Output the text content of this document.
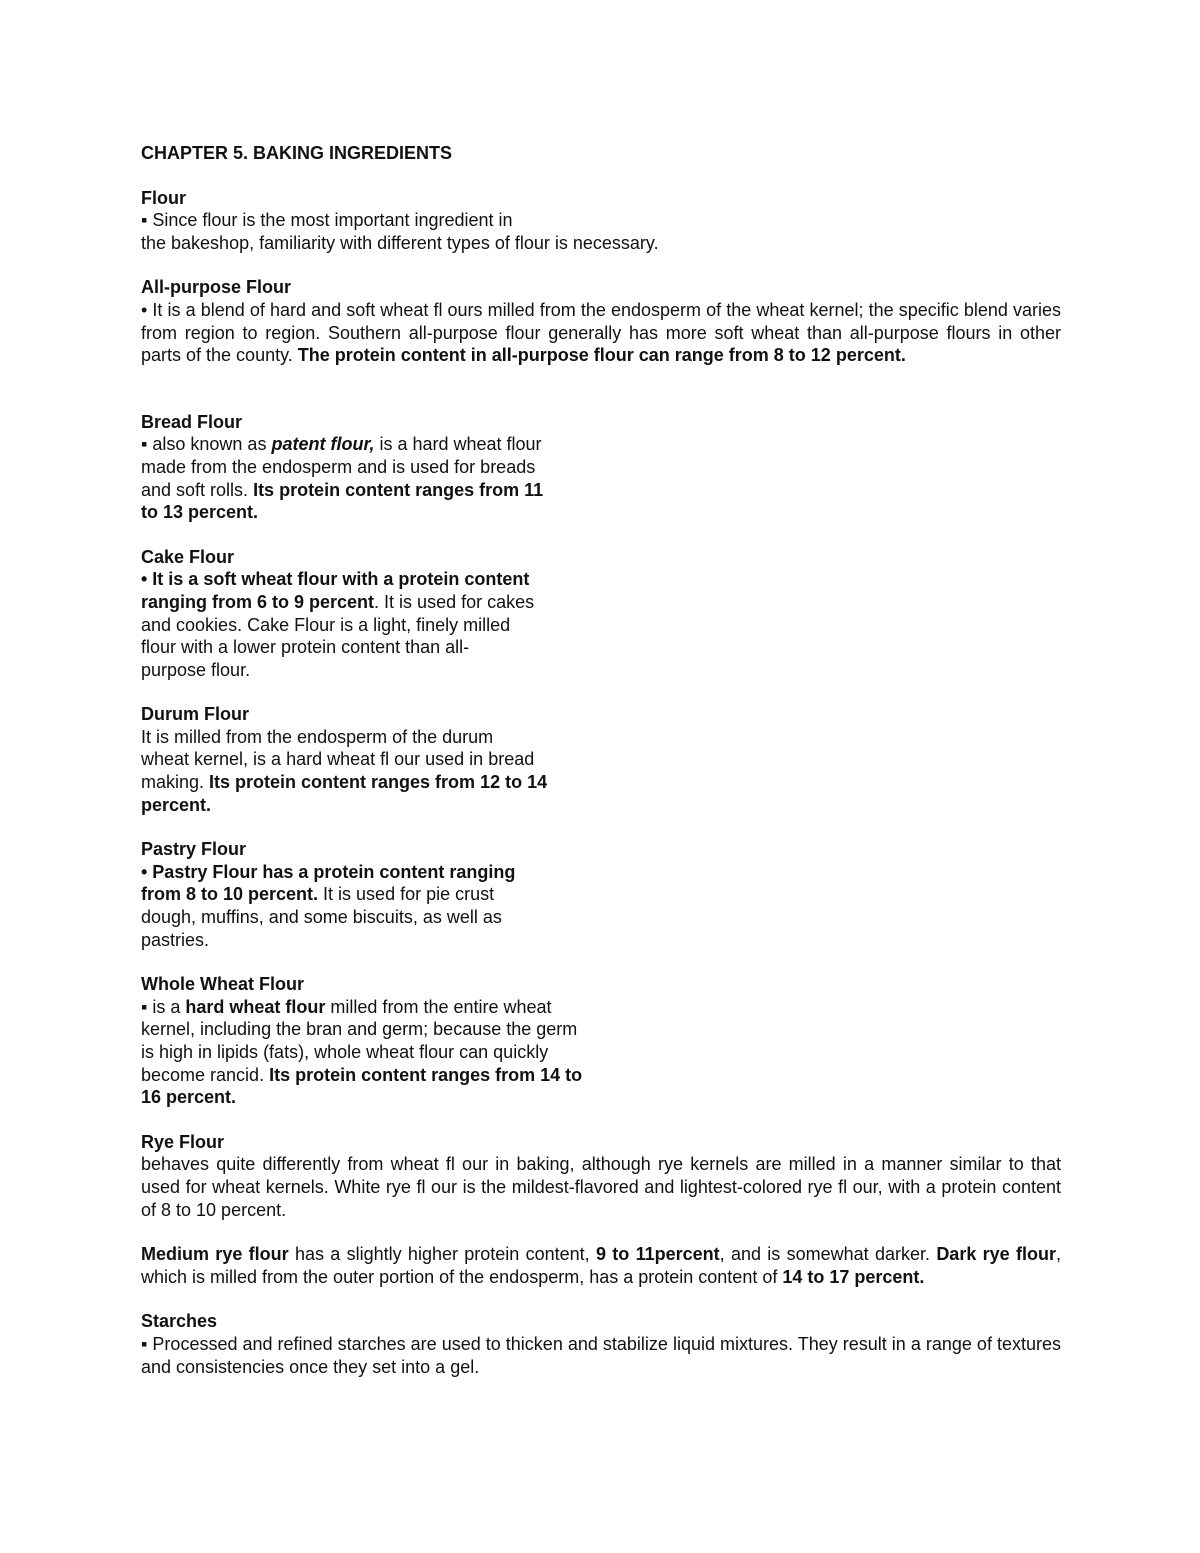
CHAPTER 5. BAKING INGREDIENTS
Flour
▪ Since flour is the most important ingredient in
the bakeshop, familiarity with different types of flour is necessary.
All-purpose Flour
• It is a blend of hard and soft wheat fl ours milled from the endosperm of the wheat kernel; the specific blend varies from region to region. Southern all-purpose flour generally has more soft wheat than all-purpose flours in other parts of the county. The protein content in all-purpose flour can range from 8 to 12 percent.
Bread Flour
▪ also known as patent flour, is a hard wheat flour
made from the endosperm and is used for breads
and soft rolls. Its protein content ranges from 11
to 13 percent.
Cake Flour
• It is a soft wheat flour with a protein content
ranging from 6 to 9 percent. It is used for cakes
and cookies. Cake Flour is a light, finely milled
flour with a lower protein content than all-
purpose flour.
Durum Flour
It is milled from the endosperm of the durum
wheat kernel, is a hard wheat fl our used in bread
making. Its protein content ranges from 12 to 14
percent.
Pastry Flour
• Pastry Flour has a protein content ranging
from 8 to 10 percent. It is used for pie crust
dough, muffins, and some biscuits, as well as
pastries.
Whole Wheat Flour
▪ is a hard wheat flour milled from the entire wheat
kernel, including the bran and germ; because the germ
is high in lipids (fats), whole wheat flour can quickly
become rancid. Its protein content ranges from 14 to
16 percent.
Rye Flour
behaves quite differently from wheat fl our in baking, although rye kernels are milled in a manner similar to that used for wheat kernels. White rye fl our is the mildest-flavored and lightest-colored rye fl our, with a protein content of 8 to 10 percent.
Medium rye flour has a slightly higher protein content, 9 to 11percent, and is somewhat darker. Dark rye flour, which is milled from the outer portion of the endosperm, has a protein content of 14 to 17 percent.
Starches
▪ Processed and refined starches are used to thicken and stabilize liquid mixtures. They result in a range of textures and consistencies once they set into a gel.
